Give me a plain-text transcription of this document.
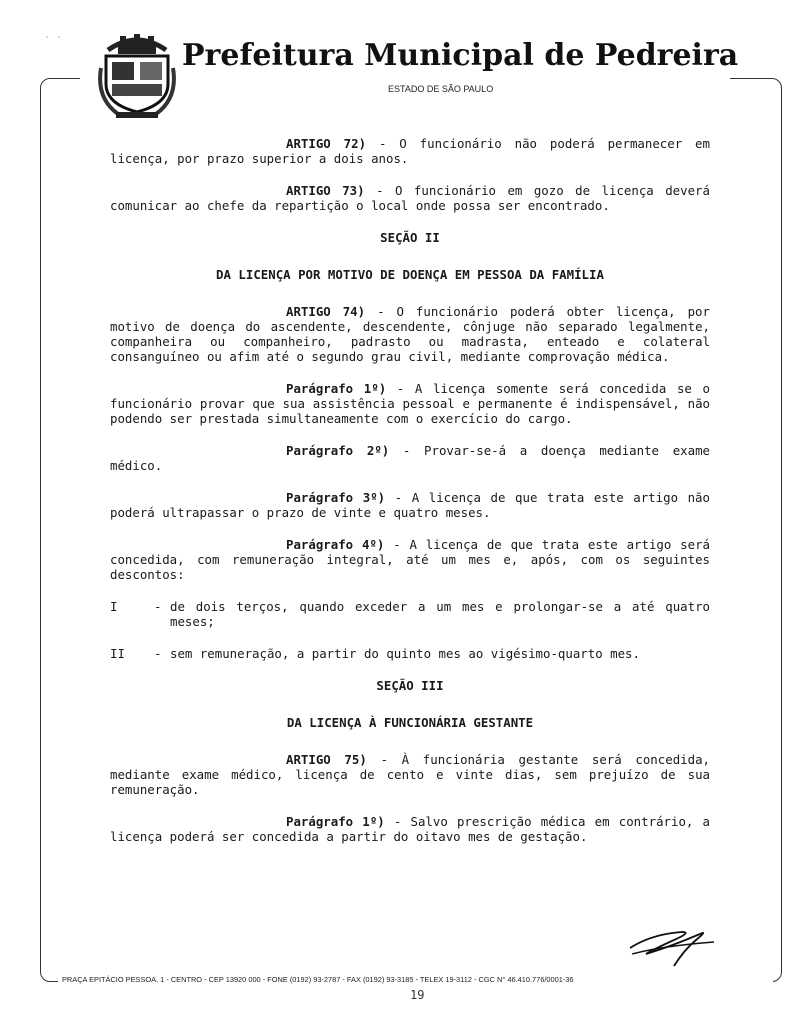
˙ ˙	Prefeitura Municipal de Pedreira
ESTADO DE SÃO PAULO

ARTIGO 72) - O funcionário não poderá permanecer em licença, por prazo superior a dois anos.

ARTIGO 73) - O funcionário em gozo de licença deverá comunicar ao chefe da repartição o local onde possa ser encontrado.

SEÇÃO II

DA LICENÇA POR MOTIVO DE DOENÇA EM PESSOA DA FAMÍLIA

ARTIGO 74) - O funcionário poderá obter licença, por motivo de doença do ascendente, descendente, cônjuge não separado legalmente, companheira ou companheiro, padrasto ou madrasta, enteado e colateral consanguíneo ou afim até o segundo grau civil, mediante comprovação médica.

Parágrafo 1º) - A licença somente será concedida se o funcionário provar que sua assistência pessoal e permanente é indispensável, não podendo ser prestada simultaneamente com o exercício do cargo.

Parágrafo 2º) - Provar-se-á a doença mediante exame médico.

Parágrafo 3º) - A licença de que trata este artigo não poderá ultrapassar o prazo de vinte e quatro meses.

Parágrafo 4º) - A licença de que trata este artigo será concedida, com remuneração integral, até um mes e, após, com os seguintes descontos:

I	- de dois terços, quando exceder a um mes e prolongar-se a até quatro meses;
II	- sem remuneração, a partir do quinto mes ao vigésimo-quarto mes.

SEÇÃO III

DA LICENÇA À FUNCIONÁRIA GESTANTE

ARTIGO 75) - À funcionária gestante será concedida, mediante exame médico, licença de cento e vinte dias, sem prejuízo de sua remuneração.

Parágrafo 1º) - Salvo prescrição médica em contrário, a licença poderá ser concedida a partir do oitavo mes de gestação.

PRAÇA EPITÁCIO PESSOA, 1 - CENTRO - CEP 13920 000 - FONE (0192) 93-2787 - FAX (0192) 93-3185 - TELEX 19-3112 - CGC N° 46.410.776/0001-36
19
